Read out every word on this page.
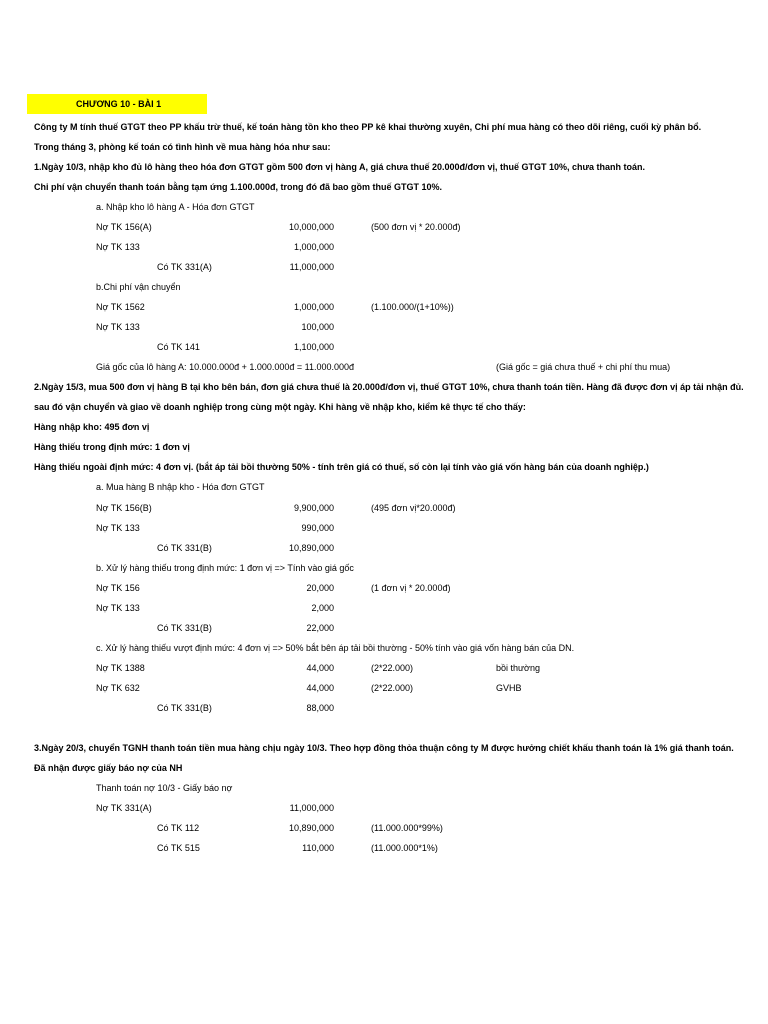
CHƯƠNG 10 - BÀI 1
Công ty M tính thuế GTGT theo PP khấu trừ thuế, kế toán hàng tồn kho theo PP kê khai thường xuyên, Chi phí mua hàng có theo dõi riêng, cuối kỳ phân bổ.
Trong tháng 3, phòng kế toán có tình hình về mua hàng hóa như sau:
1.Ngày 10/3, nhập kho đủ lô hàng theo hóa đơn GTGT gồm 500 đơn vị hàng A, giá chưa thuế 20.000đ/đơn vị, thuế GTGT 10%, chưa thanh toán.
Chi phí vận chuyển thanh toán bằng tạm ứng 1.100.000đ, trong đó đã bao gồm thuế GTGT 10%.
a. Nhập kho lô hàng A - Hóa đơn GTGT
Nợ TK 156(A)	10,000,000	(500 đơn vị * 20.000đ)
Nợ TK 133	1,000,000
Có TK 331(A)	11,000,000
b.Chi phí vận chuyển
Nợ TK 1562	1,000,000	(1.100.000/(1+10%))
Nợ TK 133	100,000
Có TK 141	1,100,000
Giá gốc của lô hàng A: 10.000.000đ + 1.000.000đ = 11.000.000đ	(Giá gốc = giá chưa thuế + chi phí thu mua)
2.Ngày 15/3, mua 500 đơn vị hàng B tại kho bên bán, đơn giá chưa thuế là 20.000đ/đơn vị, thuế GTGT 10%, chưa thanh toán tiền. Hàng đã được đơn vị áp tải nhận đủ.
sau đó vận chuyển và giao về doanh nghiệp trong cùng một ngày. Khi hàng về nhập kho, kiểm kê thực tế cho thấy:
Hàng nhập kho: 495 đơn vị
Hàng thiếu trong định mức: 1 đơn vị
Hàng thiếu ngoài định mức: 4 đơn vị. (bắt áp tải bồi thường 50% - tính trên giá có thuế, số còn lại tính vào giá vốn hàng bán của doanh nghiệp.)
a. Mua hàng B nhập kho - Hóa đơn GTGT
Nợ TK 156(B)	9,900,000	(495 đơn vị*20.000đ)
Nợ TK 133	990,000
Có TK 331(B)	10,890,000
b. Xử lý hàng thiếu trong định mức: 1 đơn vị => Tính vào giá gốc
Nợ TK 156	20,000	(1 đơn vị * 20.000đ)
Nợ TK 133	2,000
Có TK 331(B)	22,000
c. Xử lý hàng thiếu vượt định mức: 4 đơn vị => 50% bắt bên áp tải bồi thường - 50% tính vào giá vốn hàng bán của DN.
Nợ TK 1388	44,000	(2*22.000)	bồi thường
Nợ TK 632	44,000	(2*22.000)	GVHB
Có TK 331(B)	88,000
3.Ngày 20/3, chuyển TGNH thanh toán tiền mua hàng chịu ngày 10/3. Theo hợp đồng thỏa thuận công ty M được hưởng chiết khấu thanh toán là 1% giá thanh toán.
Đã nhận được giấy báo nợ của NH
Thanh toán nợ 10/3 - Giấy báo nợ
Nợ TK 331(A)	11,000,000
Có TK 112	10,890,000	(11.000.000*99%)
Có TK 515	110,000	(11.000.000*1%)
